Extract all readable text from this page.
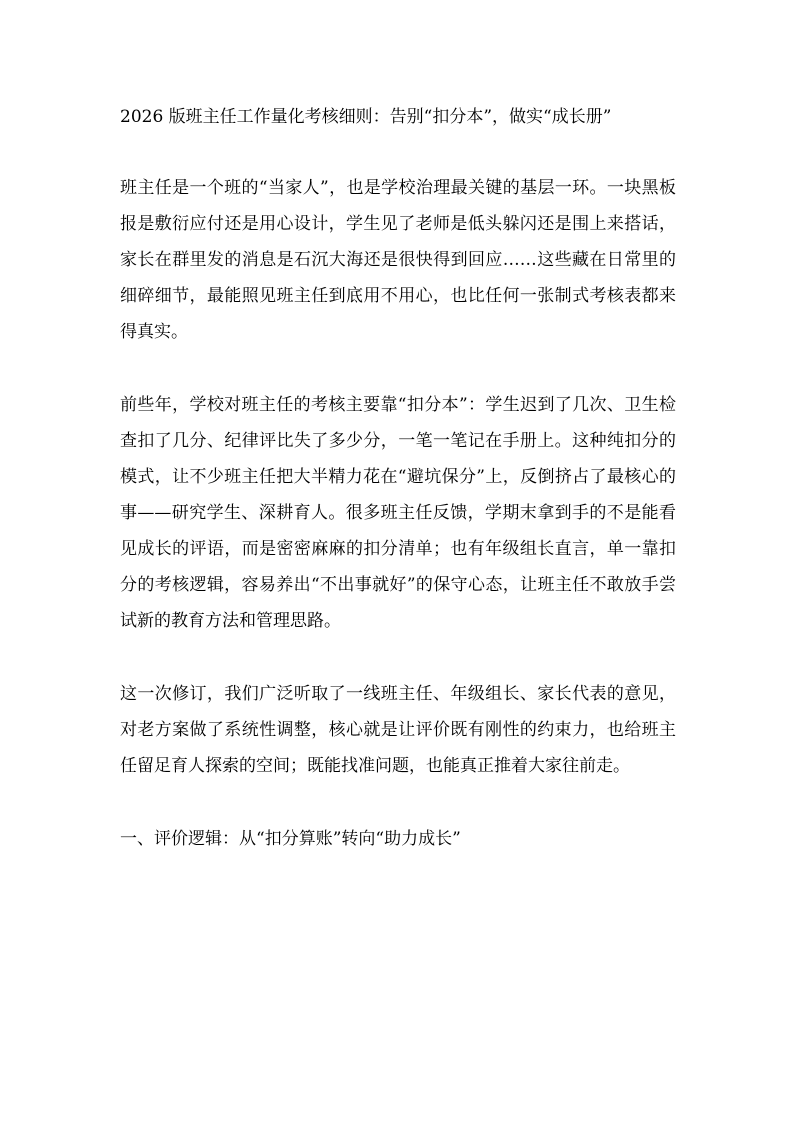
2026 版班主任工作量化考核细则：告别“扣分本”，做实“成长册”

班主任是一个班的“当家人”，也是学校治理最关键的基层一环。一块黑板报是敷衍应付还是用心设计，学生见了老师是低头躲闪还是围上来搭话，家长在群里发的消息是石沉大海还是很快得到回应……这些藏在日常里的细碎细节，最能照见班主任到底用不用心，也比任何一张制式考核表都来得真实。

前些年，学校对班主任的考核主要靠“扣分本”：学生迟到了几次、卫生检查扣了几分、纪律评比失了多少分，一笔一笔记在手册上。这种纯扣分的模式，让不少班主任把大半精力花在“避坑保分”上，反倒挤占了最核心的事——研究学生、深耕育人。很多班主任反馈，学期末拿到手的不是能看见成长的评语，而是密密麻麻的扣分清单；也有年级组长直言，单一靠扣分的考核逻辑，容易养出“不出事就好”的保守心态，让班主任不敢放手尝试新的教育方法和管理思路。

这一次修订，我们广泛听取了一线班主任、年级组长、家长代表的意见，对老方案做了系统性调整，核心就是让评价既有刚性的约束力，也给班主任留足育人探索的空间；既能找准问题，也能真正推着大家往前走。

一、评价逻辑：从“扣分算账”转向“助力成长”
